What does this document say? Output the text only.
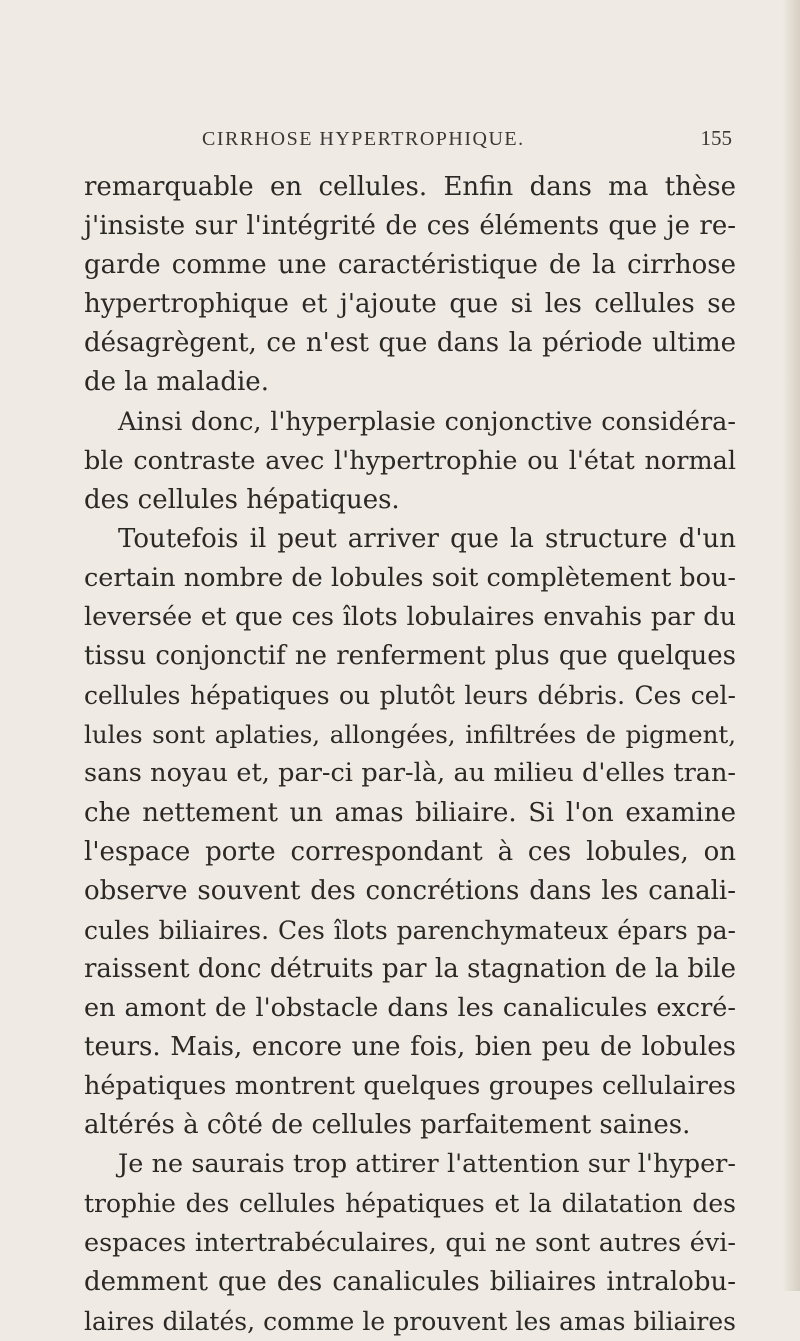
CIRRHOSE HYPERTROPHIQUE.	155
remarquable en cellules. Enfin dans ma thèse
j'insiste sur l'intégrité de ces éléments que je re-
garde comme une caractéristique de la cirrhose
hypertrophique et j'ajoute que si les cellules se
désagrègent, ce n'est que dans la période ultime
de la maladie.
Ainsi donc, l'hyperplasie conjonctive considéra-
ble contraste avec l'hypertrophie ou l'état normal
des cellules hépatiques.
Toutefois il peut arriver que la structure d'un
certain nombre de lobules soit complètement bou-
leversée et que ces îlots lobulaires envahis par du
tissu conjonctif ne renferment plus que quelques
cellules hépatiques ou plutôt leurs débris. Ces cel-
lules sont aplaties, allongées, infiltrées de pigment,
sans noyau et, par-ci par-là, au milieu d'elles tran-
che nettement un amas biliaire. Si l'on examine
l'espace porte correspondant à ces lobules, on
observe souvent des concrétions dans les canali-
cules biliaires. Ces îlots parenchymateux épars pa-
raissent donc détruits par la stagnation de la bile
en amont de l'obstacle dans les canalicules excré-
teurs. Mais, encore une fois, bien peu de lobules
hépatiques montrent quelques groupes cellulaires
altérés à côté de cellules parfaitement saines.
Je ne saurais trop attirer l'attention sur l'hyper-
trophie des cellules hépatiques et la dilatation des
espaces intertrabéculaires, qui ne sont autres évi-
demment que des canalicules biliaires intralobu-
laires dilatés, comme le prouvent les amas biliaires
